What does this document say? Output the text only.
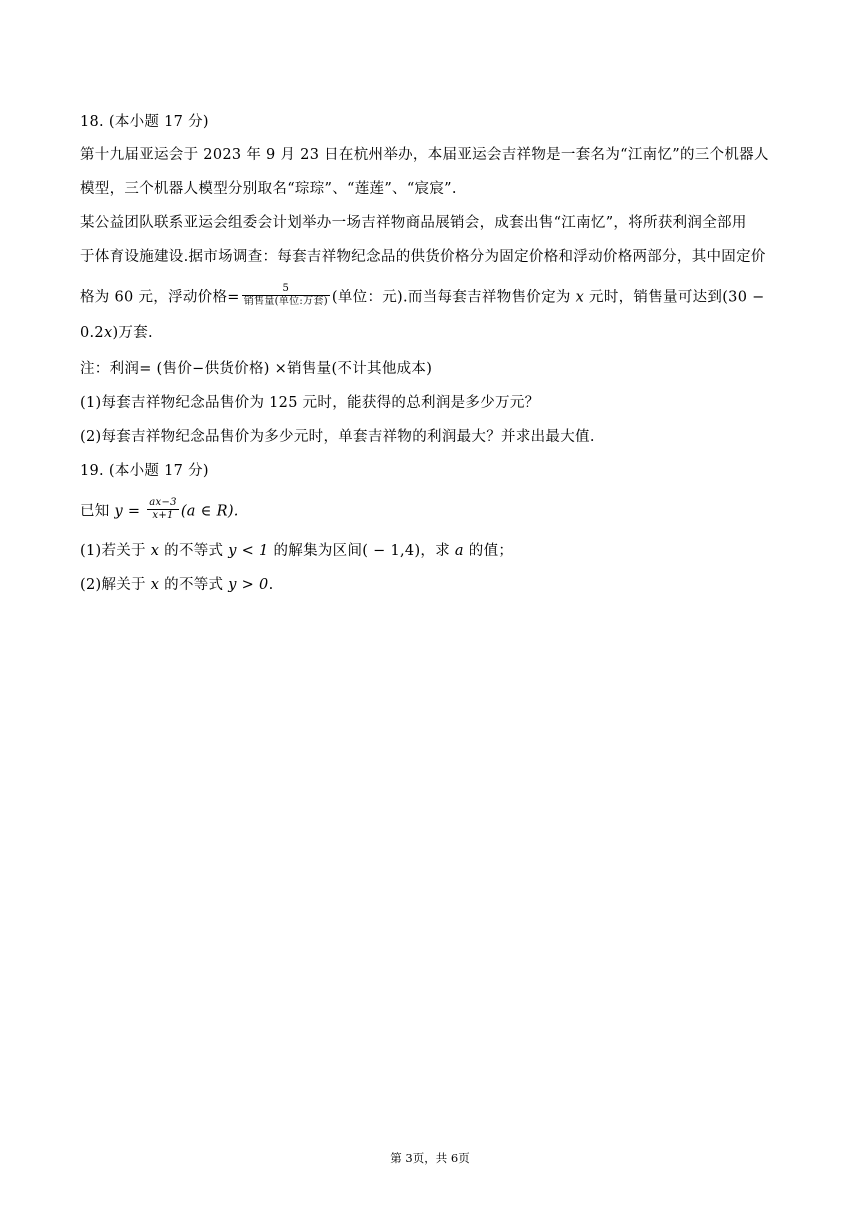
18. (本小题 17 分)
第十九届亚运会于 2023 年 9 月 23 日在杭州举办，本届亚运会吉祥物是一套名为“江南忆”的三个机器人
模型，三个机器人模型分别取名“琮琮”、“莲莲”、“宸宸”.
某公益团队联系亚运会组委会计划举办一场吉祥物商品展销会，成套出售“江南忆”，将所获利润全部用
于体育设施建设.据市场调查：每套吉祥物纪念品的供货价格分为固定价格和浮动价格两部分，其中固定价
格为 60 元，浮动价格= $\frac{5}{\text{销售量(单位:万套)}}$ (单位：元).而当每套吉祥物售价定为 x 元时，销售量可达到(30 −
0.2x)万套.
注：利润= (售价−供货价格) ×销售量(不计其他成本)
(1)每套吉祥物纪念品售价为 125 元时，能获得的总利润是多少万元？
(2)每套吉祥物纪念品售价为多少元时，单套吉祥物的利润最大？并求出最大值.
19. (本小题 17 分)
已知 $y = \frac{ax-3}{x+1} (a$ ∈ R).
(1)若关于 x 的不等式 y < 1 的解集为区间( − 1,4)，求 a 的值；
(2)解关于 x 的不等式 y > 0.
第 3页，共 6页
